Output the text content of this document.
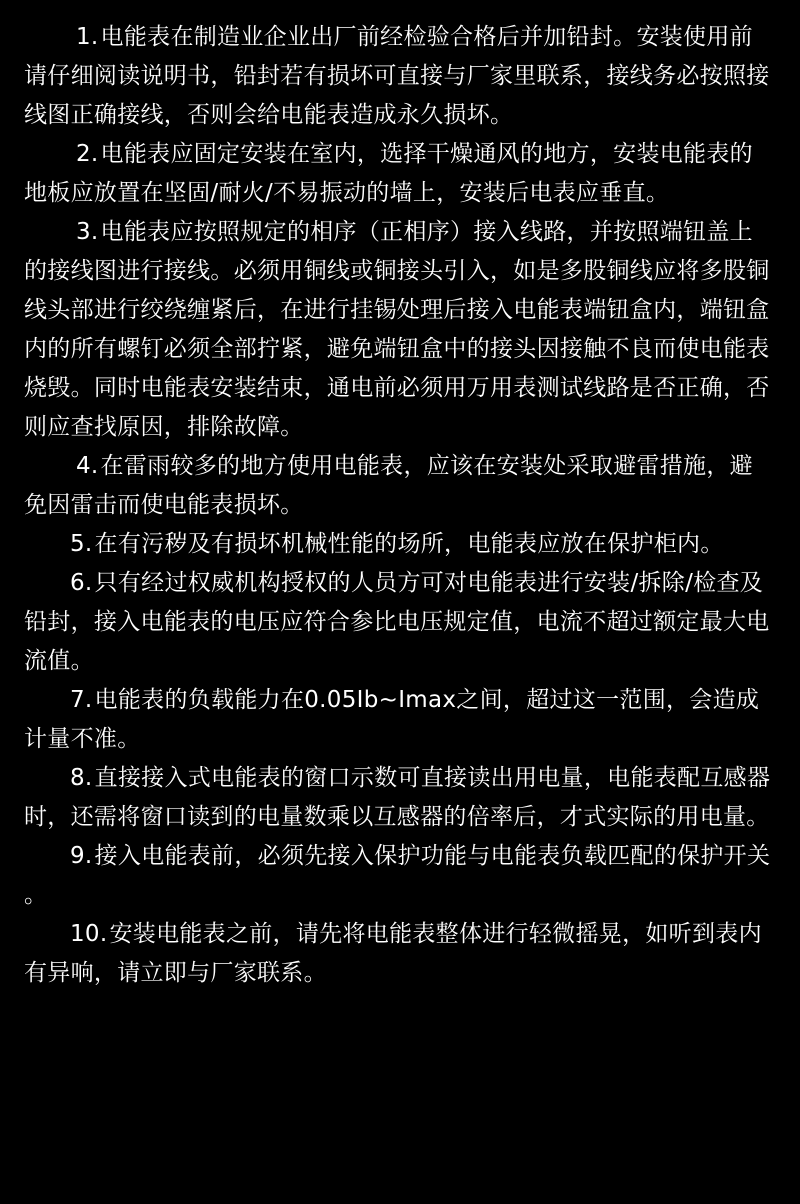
1.电能表在制造业企业出厂前经检验合格后并加铅封。安装使用前请仔细阅读说明书，铅封若有损坏可直接与厂家里联系，接线务必按照接线图正确接线，否则会给电能表造成永久损坏。

2.电能表应固定安装在室内，选择干燥通风的地方，安装电能表的地板应放置在坚固/耐火/不易振动的墙上，安装后电表应垂直。

3.电能表应按照规定的相序（正相序）接入线路，并按照端钮盖上的接线图进行接线。必须用铜线或铜接头引入，如是多股铜线应将多股铜线头部进行绞绕缠紧后，在进行挂锡处理后接入电能表端钮盒内，端钮盒内的所有螺钉必须全部拧紧，避免端钮盒中的接头因接触不良而使电能表烧毁。同时电能表安装结束，通电前必须用万用表测试线路是否正确，否则应查找原因，排除故障。

4.在雷雨较多的地方使用电能表，应该在安装处采取避雷措施，避免因雷击而使电能表损坏。

5.在有污秽及有损坏机械性能的场所，电能表应放在保护柜内。

6.只有经过权威机构授权的人员方可对电能表进行安装/拆除/检查及铅封，接入电能表的电压应符合参比电压规定值，电流不超过额定最大电流值。

7.电能表的负载能力在0.05Ib~Imax之间，超过这一范围，会造成计量不准。

8.直接接入式电能表的窗口示数可直接读出用电量，电能表配互感器时，还需将窗口读到的电量数乘以互感器的倍率后，才式实际的用电量。

9.接入电能表前，必须先接入保护功能与电能表负载匹配的保护开关。

10.安装电能表之前，请先将电能表整体进行轻微摇晃，如听到表内有异响，请立即与厂家联系。
